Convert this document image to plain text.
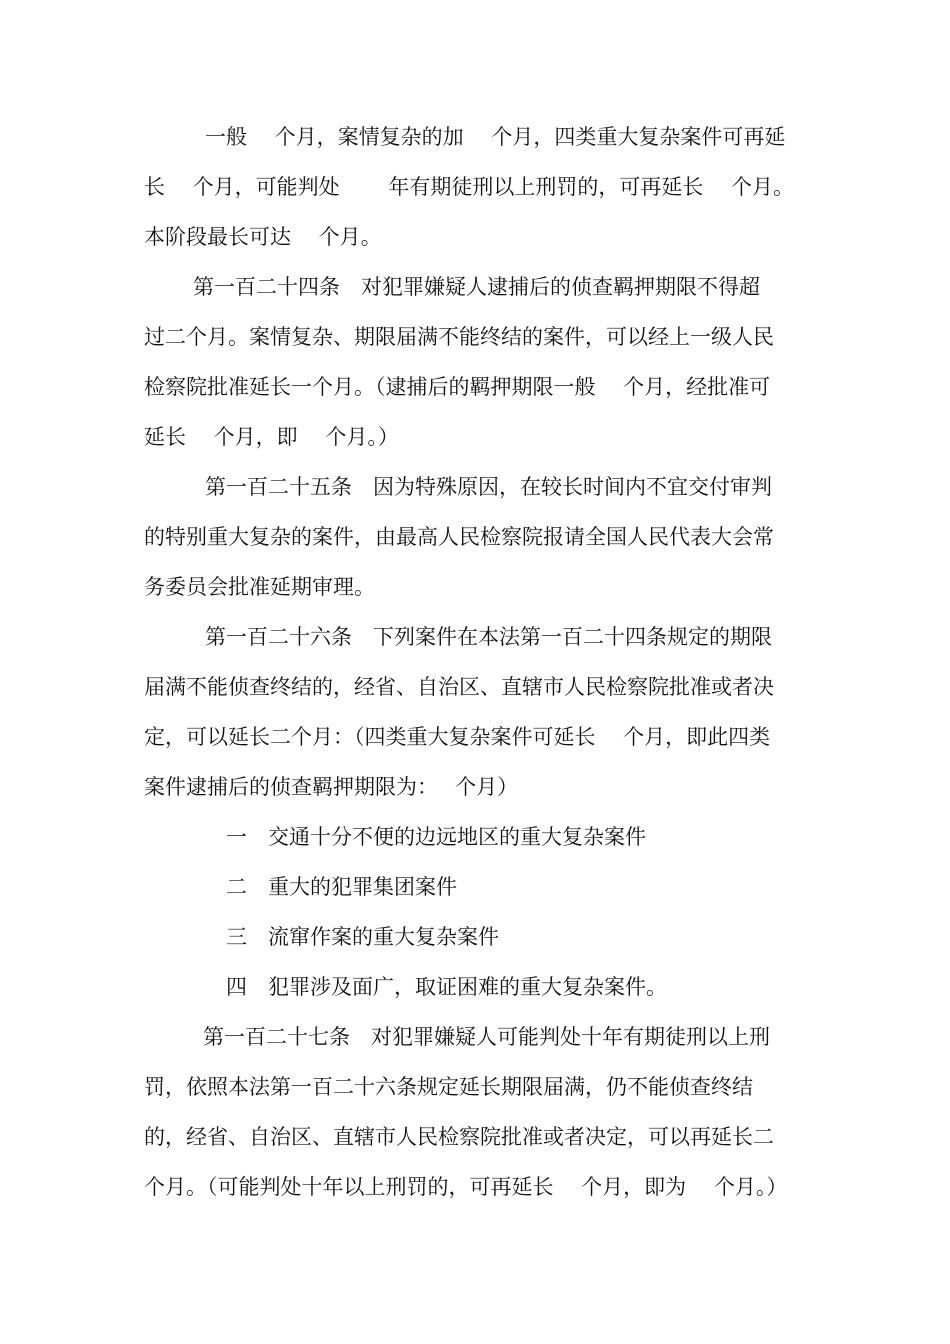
一般　 个月，案情复杂的加　 个月，四类重大复杂案件可再延
长　 个月，可能判处　　 年有期徒刑以上刑罚的，可再延长　 个月。
本阶段最长可达　 个月。
第一百二十四条　对犯罪嫌疑人逮捕后的侦查羁押期限不得超
过二个月。案情复杂、期限届满不能终结的案件，可以经上一级人民
检察院批准延长一个月。（逮捕后的羁押期限一般　 个月，经批准可
延长　 个月，即　 个月。）
第一百二十五条　因为特殊原因，在较长时间内不宜交付审判
的特别重大复杂的案件，由最高人民检察院报请全国人民代表大会常
务委员会批准延期审理。
第一百二十六条　下列案件在本法第一百二十四条规定的期限
届满不能侦查终结的，经省、自治区、直辖市人民检察院批准或者决
定，可以延长二个月：（四类重大复杂案件可延长　 个月，即此四类
案件逮捕后的侦查羁押期限为：　 个月）
一　交通十分不便的边远地区的重大复杂案件
二　重大的犯罪集团案件
三　流窜作案的重大复杂案件
四　犯罪涉及面广，取证困难的重大复杂案件。
第一百二十七条　对犯罪嫌疑人可能判处十年有期徒刑以上刑
罚，依照本法第一百二十六条规定延长期限届满，仍不能侦查终结
的，经省、自治区、直辖市人民检察院批准或者决定，可以再延长二
个月。（可能判处十年以上刑罚的，可再延长　 个月，即为　 个月。）
